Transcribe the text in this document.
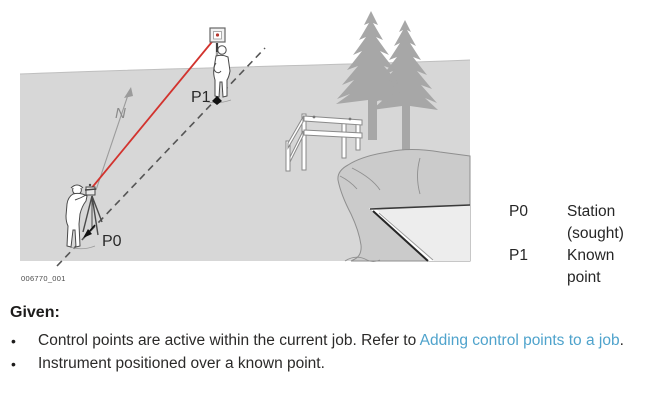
P1
P0
N
006770_001
P0	Station (sought)
P1	Known point

Given:

• Control points are active within the current job. Refer to Adding control points to a job.
• Instrument positioned over a known point.
